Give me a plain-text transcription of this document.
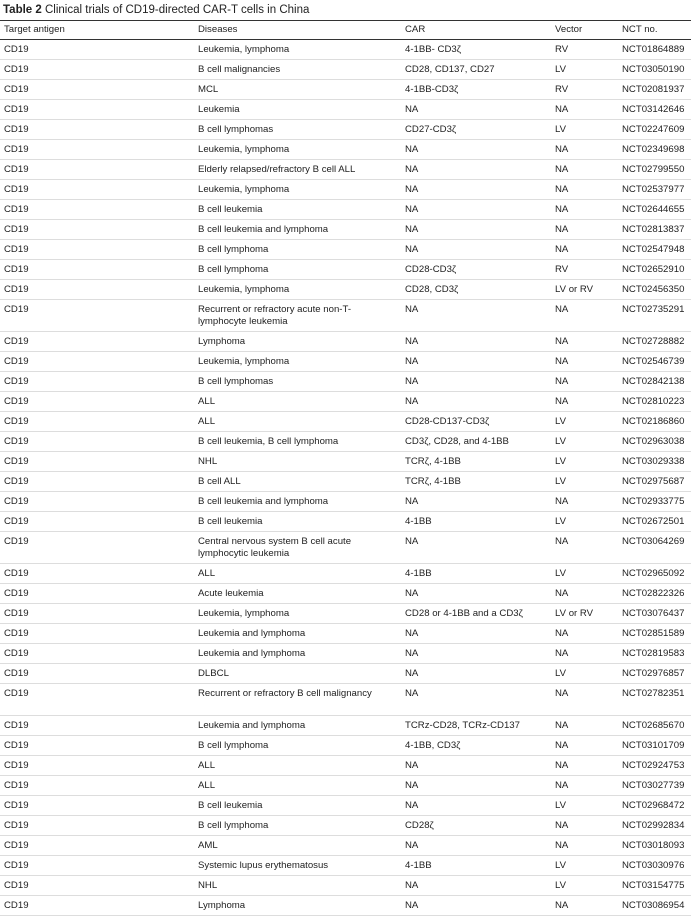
Table 2 Clinical trials of CD19-directed CAR-T cells in China
Target antigen	Diseases	CAR	Vector	NCT no.
CD19	Leukemia, lymphoma	4-1BB- CD3ζ	RV	NCT01864889
CD19	B cell malignancies	CD28, CD137, CD27	LV	NCT03050190
CD19	MCL	4-1BB-CD3ζ	RV	NCT02081937
CD19	Leukemia	NA	NA	NCT03142646
CD19	B cell lymphomas	CD27-CD3ζ	LV	NCT02247609
CD19	Leukemia, lymphoma	NA	NA	NCT02349698
CD19	Elderly relapsed/refractory B cell ALL	NA	NA	NCT02799550
CD19	Leukemia, lymphoma	NA	NA	NCT02537977
CD19	B cell leukemia	NA	NA	NCT02644655
CD19	B cell leukemia and lymphoma	NA	NA	NCT02813837
CD19	B cell lymphoma	NA	NA	NCT02547948
CD19	B cell lymphoma	CD28-CD3ζ	RV	NCT02652910
CD19	Leukemia, lymphoma	CD28, CD3ζ	LV or RV	NCT02456350
CD19	Recurrent or refractory acute non-T-lymphocyte leukemia	NA	NA	NCT02735291
CD19	Lymphoma	NA	NA	NCT02728882
CD19	Leukemia, lymphoma	NA	NA	NCT02546739
CD19	B cell lymphomas	NA	NA	NCT02842138
CD19	ALL	NA	NA	NCT02810223
CD19	ALL	CD28-CD137-CD3ζ	LV	NCT02186860
CD19	B cell leukemia, B cell lymphoma	CD3ζ, CD28, and 4-1BB	LV	NCT02963038
CD19	NHL	TCRζ, 4-1BB	LV	NCT03029338
CD19	B cell ALL	TCRζ, 4-1BB	LV	NCT02975687
CD19	B cell leukemia and lymphoma	NA	NA	NCT02933775
CD19	B cell leukemia	4-1BB	LV	NCT02672501
CD19	Central nervous system B cell acute lymphocytic leukemia	NA	NA	NCT03064269
CD19	ALL	4-1BB	LV	NCT02965092
CD19	Acute leukemia	NA	NA	NCT02822326
CD19	Leukemia, lymphoma	CD28 or 4-1BB and a CD3ζ	LV or RV	NCT03076437
CD19	Leukemia and lymphoma	NA	NA	NCT02851589
CD19	Leukemia and lymphoma	NA	NA	NCT02819583
CD19	DLBCL	NA	LV	NCT02976857
CD19	Recurrent or refractory B cell malignancy	NA	NA	NCT02782351
CD19	Leukemia and lymphoma	TCRz-CD28, TCRz-CD137	NA	NCT02685670
CD19	B cell lymphoma	4-1BB, CD3ζ	NA	NCT03101709
CD19	ALL	NA	NA	NCT02924753
CD19	ALL	NA	NA	NCT03027739
CD19	B cell leukemia	NA	LV	NCT02968472
CD19	B cell lymphoma	CD28ζ	NA	NCT02992834
CD19	AML	NA	NA	NCT03018093
CD19	Systemic lupus erythematosus	4-1BB	LV	NCT03030976
CD19	NHL	NA	LV	NCT03154775
CD19	Lymphoma	NA	NA	NCT03086954
